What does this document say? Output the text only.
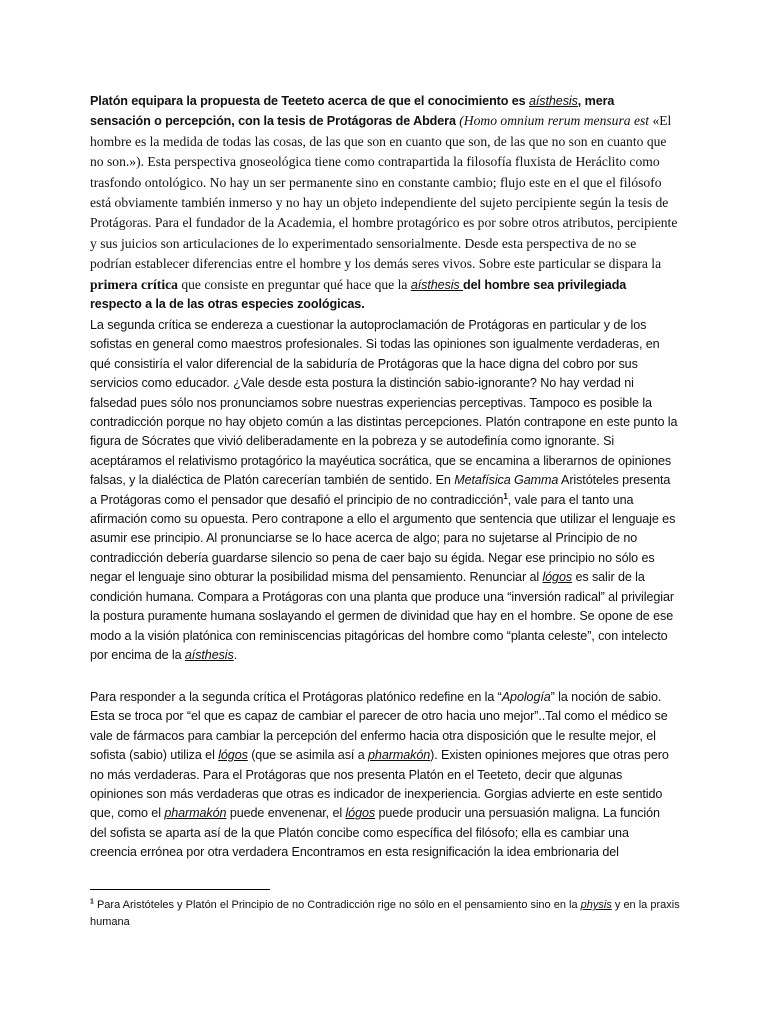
Platón equipara la propuesta de Teeteto acerca de que el conocimiento es aísthesis, mera sensación o percepción, con la tesis de Protágoras de Abdera (Homo omnium rerum mensura est «El hombre es la medida de todas las cosas, de las que son en cuanto que son, de las que no son en cuanto que no son.»). Esta perspectiva gnoseológica tiene como contrapartida la filosofía fluxista de Heráclito como trasfondo ontológico. No hay un ser permanente sino en constante cambio; flujo este en el que el filósofo está obviamente también inmerso y no hay un objeto independiente del sujeto percipiente según la tesis de Protágoras. Para el fundador de la Academia, el hombre protagórico es por sobre otros atributos, percipiente y sus juicios son articulaciones de lo experimentado sensorialmente. Desde esta perspectiva de no se podrían establecer diferencias entre el hombre y los demás seres vivos. Sobre este particular se dispara la primera crítica que consiste en preguntar qué hace que la aísthesis del hombre sea privilegiada respecto a la de las otras especies zoológicas.

La segunda crítica se endereza a cuestionar la autoproclamación de Protágoras en particular y de los sofistas en general como maestros profesionales. Si todas las opiniones son igualmente verdaderas, en qué consistiría el valor diferencial de la sabiduría de Protágoras que la hace digna del cobro por sus servicios como educador. ¿Vale desde esta postura la distinción sabio-ignorante? No hay verdad ni falsedad pues sólo nos pronunciamos sobre nuestras experiencias perceptivas. Tampoco es posible la contradicción porque no hay objeto común a las distintas percepciones. Platón contrapone en este punto la figura de Sócrates que vivió deliberadamente en la pobreza y se autodefinía como ignorante. Si aceptáramos el relativismo protagórico la mayéutica socrática, que se encamina a liberarnos de opiniones falsas, y la dialéctica de Platón carecerían también de sentido. En Metafísica Gamma Aristóteles presenta a Protágoras como el pensador que desafió el principio de no contradicción$^1$, vale para el tanto una afirmación como su opuesta. Pero contrapone a ello el argumento que sentencia que utilizar el lenguaje es asumir ese principio. Al pronunciarse se lo hace acerca de algo; para no sujetarse al Principio de no contradicción debería guardarse silencio so pena de caer bajo su égida. Negar ese principio no sólo es negar el lenguaje sino obturar la posibilidad misma del pensamiento. Renunciar al lógos es salir de la condición humana. Compara a Protágoras con una planta que produce una “inversión radical” al privilegiar la postura puramente humana soslayando el germen de divinidad que hay en el hombre. Se opone de ese modo a la visión platónica con reminiscencias pitagóricas del hombre como “planta celeste”, con intelecto por encima de la aísthesis.

Para responder a la segunda crítica el Protágoras platónico redefine en la “Apología” la noción de sabio. Esta se troca por “el que es capaz de cambiar el parecer de otro hacia uno mejor”..Tal como el médico se vale de fármacos para cambiar la percepción del enfermo hacia otra disposición que le resulte mejor, el sofista (sabio) utiliza el lógos (que se asimila así a pharmakón). Existen opiniones mejores que otras pero no más verdaderas. Para el Protágoras que nos presenta Platón en el Teeteto, decir que algunas opiniones son más verdaderas que otras es indicador de inexperiencia. Gorgias advierte en este sentido que, como el pharmakón puede envenenar, el lógos puede producir una persuasión maligna. La función del sofista se aparta así de la que Platón concibe como específica del filósofo; ella es cambiar una creencia errónea por otra verdadera Encontramos en esta resignificación la idea embrionaria del

$^1$ Para Aristóteles y Platón el Principio de no Contradicción rige no sólo en el pensamiento sino en la physis y en la praxis humana
